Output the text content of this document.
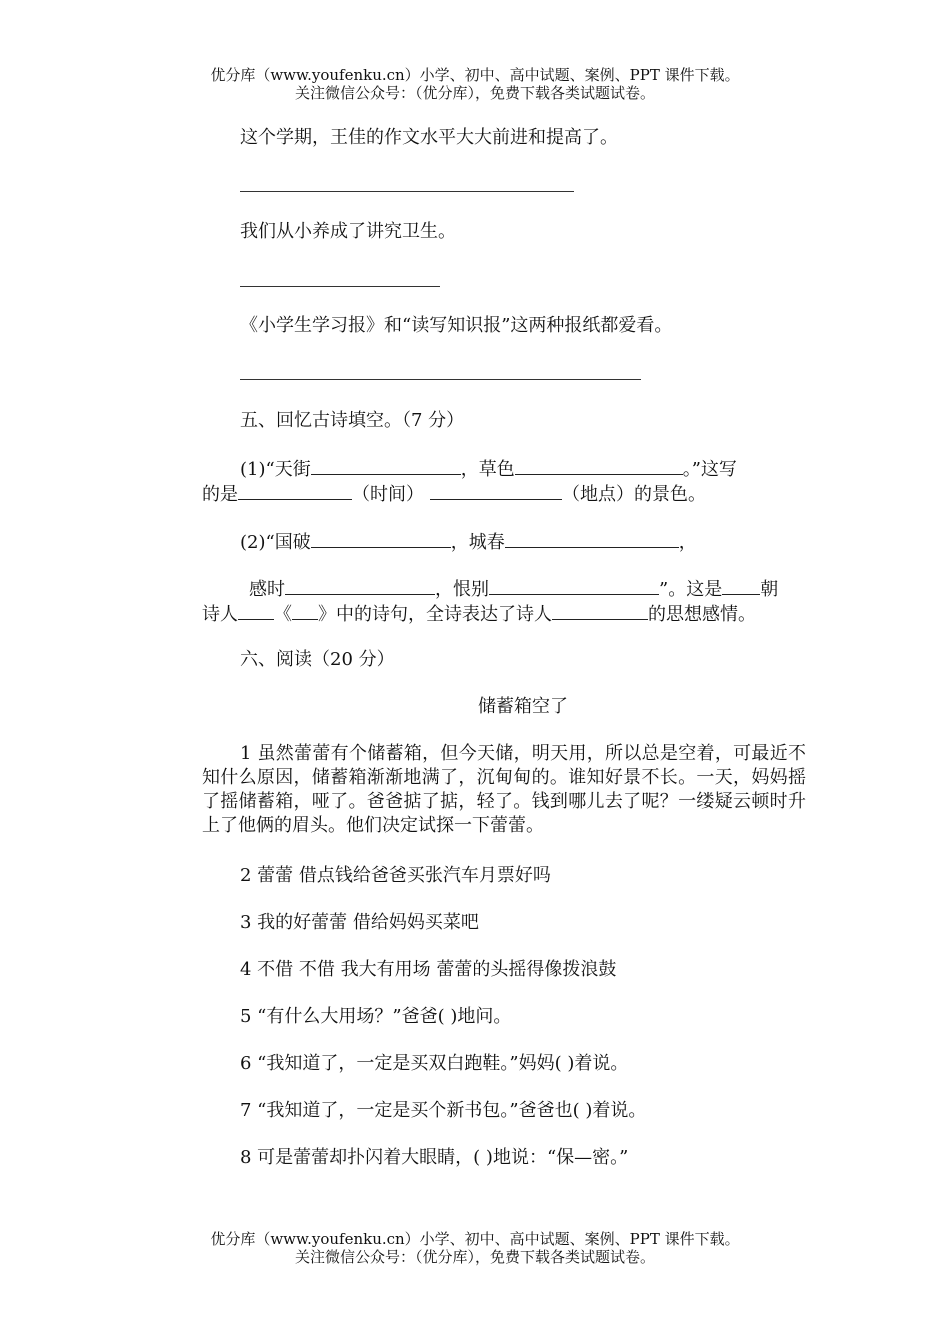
优分库（www.youfenku.cn）小学、初中、高中试题、案例、PPT 课件下载。
关注微信公众号：（优分库），免费下载各类试题试卷。
这个学期，王佳的作文水平大大前进和提高了。
我们从小养成了讲究卫生。
《小学生学习报》和“读写知识报”这两种报纸都爱看。
五、回忆古诗填空。（7 分）
(1)“天街	，草色	。”这写
的是	（时间）	（地点）的景色。
(2)“国破	，城春	，
感时	，恨别	”。这是 朝
诗人 《 》中的诗句，全诗表达了诗人	的思想感情。
六、阅读（20 分）
储蓄箱空了
1 虽然蕾蕾有个储蓄箱，但今天储，明天用，所以总是空着，可最近不知什么原因，储蓄箱渐渐地满了，沉甸甸的。谁知好景不长。一天，妈妈摇了摇储蓄箱，哑了。爸爸掂了掂，轻了。钱到哪儿去了呢？一缕疑云顿时升上了他俩的眉头。他们决定试探一下蕾蕾。
2 蕾蕾 借点钱给爸爸买张汽车月票好吗
3 我的好蕾蕾 借给妈妈买菜吧
4 不借 不借 我大有用场 蕾蕾的头摇得像拨浪鼓
5 “有什么大用场？”爸爸( )地问。
6 “我知道了，一定是买双白跑鞋。”妈妈( )着说。
7 “我知道了，一定是买个新书包。”爸爸也( )着说。
8 可是蕾蕾却扑闪着大眼睛，( )地说：“保—密。”
优分库（www.youfenku.cn）小学、初中、高中试题、案例、PPT 课件下载。
关注微信公众号：（优分库），免费下载各类试题试卷。
